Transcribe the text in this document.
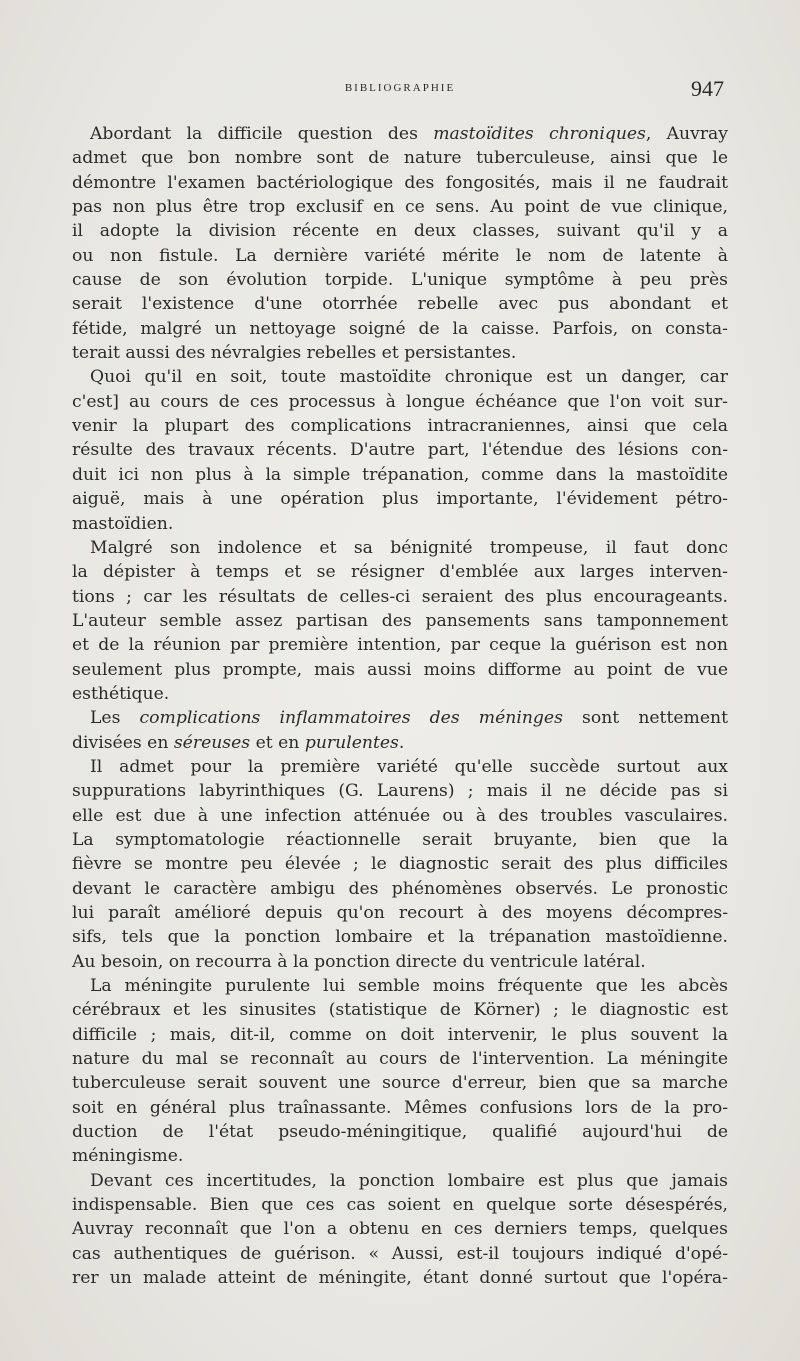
BIBLIOGRAPHIE	947
Abordant la difficile question des mastoïdites chroniques, Auvray
admet que bon nombre sont de nature tuberculeuse, ainsi que le
démontre l'examen bactériologique des fongosités, mais il ne faudrait
pas non plus être trop exclusif en ce sens. Au point de vue clinique,
il adopte la division récente en deux classes, suivant qu'il y a
ou non fistule. La dernière variété mérite le nom de latente à
cause de son évolution torpide. L'unique symptôme à peu près
serait l'existence d'une otorrhée rebelle avec pus abondant et
fétide, malgré un nettoyage soigné de la caisse. Parfois, on consta-
terait aussi des névralgies rebelles et persistantes.
Quoi qu'il en soit, toute mastoïdite chronique est un danger, car
c'est] au cours de ces processus à longue échéance que l'on voit sur-
venir la plupart des complications intracraniennes, ainsi que cela
résulte des travaux récents. D'autre part, l'étendue des lésions con-
duit ici non plus à la simple trépanation, comme dans la mastoïdite
aiguë, mais à une opération plus importante, l'évidement pétro-
mastoïdien.
Malgré son indolence et sa bénignité trompeuse, il faut donc
la dépister à temps et se résigner d'emblée aux larges interven-
tions ; car les résultats de celles-ci seraient des plus encourageants.
L'auteur semble assez partisan des pansements sans tamponnement
et de la réunion par première intention, par ceque la guérison est non
seulement plus prompte, mais aussi moins difforme au point de vue
esthétique.
Les complications inflammatoires des méninges sont nettement
divisées en séreuses et en purulentes.
Il admet pour la première variété qu'elle succède surtout aux
suppurations labyrinthiques (G. Laurens) ; mais il ne décide pas si
elle est due à une infection atténuée ou à des troubles vasculaires.
La symptomatologie réactionnelle serait bruyante, bien que la
fièvre se montre peu élevée ; le diagnostic serait des plus difficiles
devant le caractère ambigu des phénomènes observés. Le pronostic
lui paraît amélioré depuis qu'on recourt à des moyens décompres-
sifs, tels que la ponction lombaire et la trépanation mastoïdienne.
Au besoin, on recourra à la ponction directe du ventricule latéral.
La méningite purulente lui semble moins fréquente que les abcès
cérébraux et les sinusites (statistique de Körner) ; le diagnostic est
difficile ; mais, dit-il, comme on doit intervenir, le plus souvent la
nature du mal se reconnaît au cours de l'intervention. La méningite
tuberculeuse serait souvent une source d'erreur, bien que sa marche
soit en général plus traînassante. Mêmes confusions lors de la pro-
duction de l'état pseudo-méningitique, qualifié aujourd'hui de
méningisme.
Devant ces incertitudes, la ponction lombaire est plus que jamais
indispensable. Bien que ces cas soient en quelque sorte désespérés,
Auvray reconnaît que l'on a obtenu en ces derniers temps, quelques
cas authentiques de guérison. « Aussi, est-il toujours indiqué d'opé-
rer un malade atteint de méningite, étant donné surtout que l'opéra-
